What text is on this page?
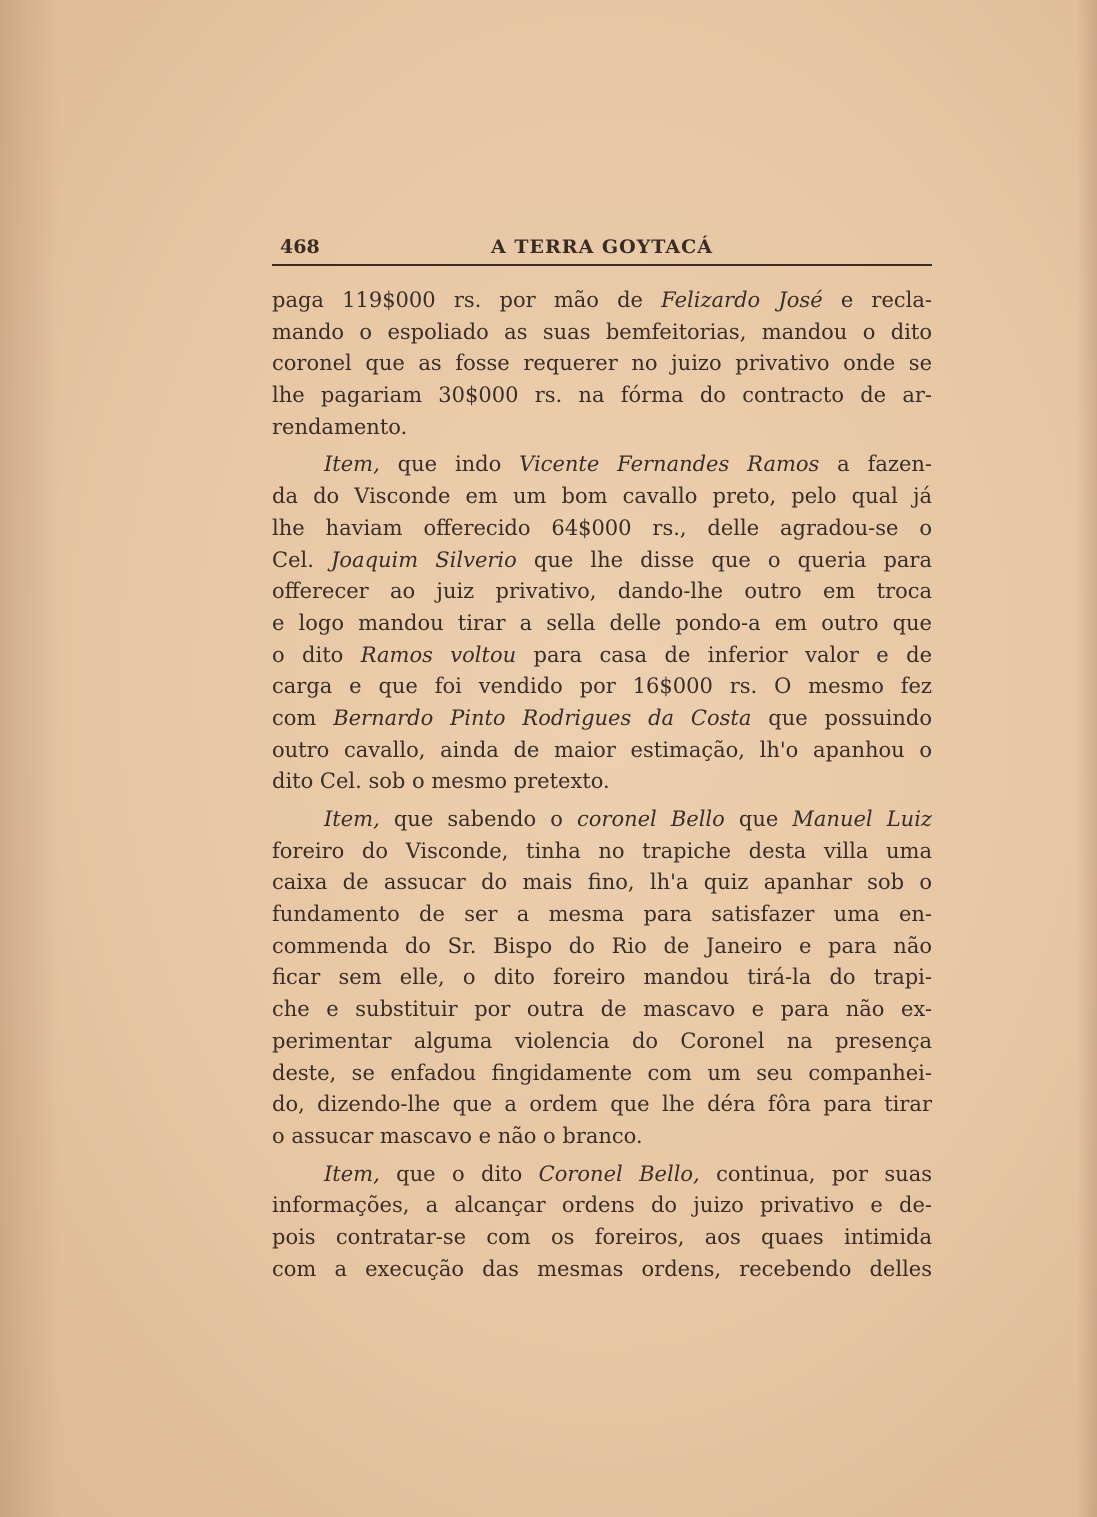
468	A TERRA GOYTACÁ
paga 119$000 rs. por mão de Felizardo José e recla-
mando o espoliado as suas bemfeitorias, mandou o dito
coronel que as fosse requerer no juizo privativo onde se
lhe pagariam 30$000 rs. na fórma do contracto de ar-
rendamento.
Item, que indo Vicente Fernandes Ramos a fazen-
da do Visconde em um bom cavallo preto, pelo qual já
lhe haviam offerecido 64$000 rs., delle agradou-se o
Cel. Joaquim Silverio que lhe disse que o queria para
offerecer ao juiz privativo, dando-lhe outro em troca
e logo mandou tirar a sella delle pondo-a em outro que
o dito Ramos voltou para casa de inferior valor e de
carga e que foi vendido por 16$000 rs. O mesmo fez
com Bernardo Pinto Rodrigues da Costa que possuindo
outro cavallo, ainda de maior estimação, lh'o apanhou o
dito Cel. sob o mesmo pretexto.
Item, que sabendo o coronel Bello que Manuel Luiz
foreiro do Visconde, tinha no trapiche desta villa uma
caixa de assucar do mais fino, lh'a quiz apanhar sob o
fundamento de ser a mesma para satisfazer uma en-
commenda do Sr. Bispo do Rio de Janeiro e para não
ficar sem elle, o dito foreiro mandou tirá-la do trapi-
che e substituir por outra de mascavo e para não ex-
perimentar alguma violencia do Coronel na presença
deste, se enfadou fingidamente com um seu companhei-
do, dizendo-lhe que a ordem que lhe déra fôra para tirar
o assucar mascavo e não o branco.
Item, que o dito Coronel Bello, continua, por suas
informações, a alcançar ordens do juizo privativo e de-
pois contratar-se com os foreiros, aos quaes intimida
com a execução das mesmas ordens, recebendo delles
